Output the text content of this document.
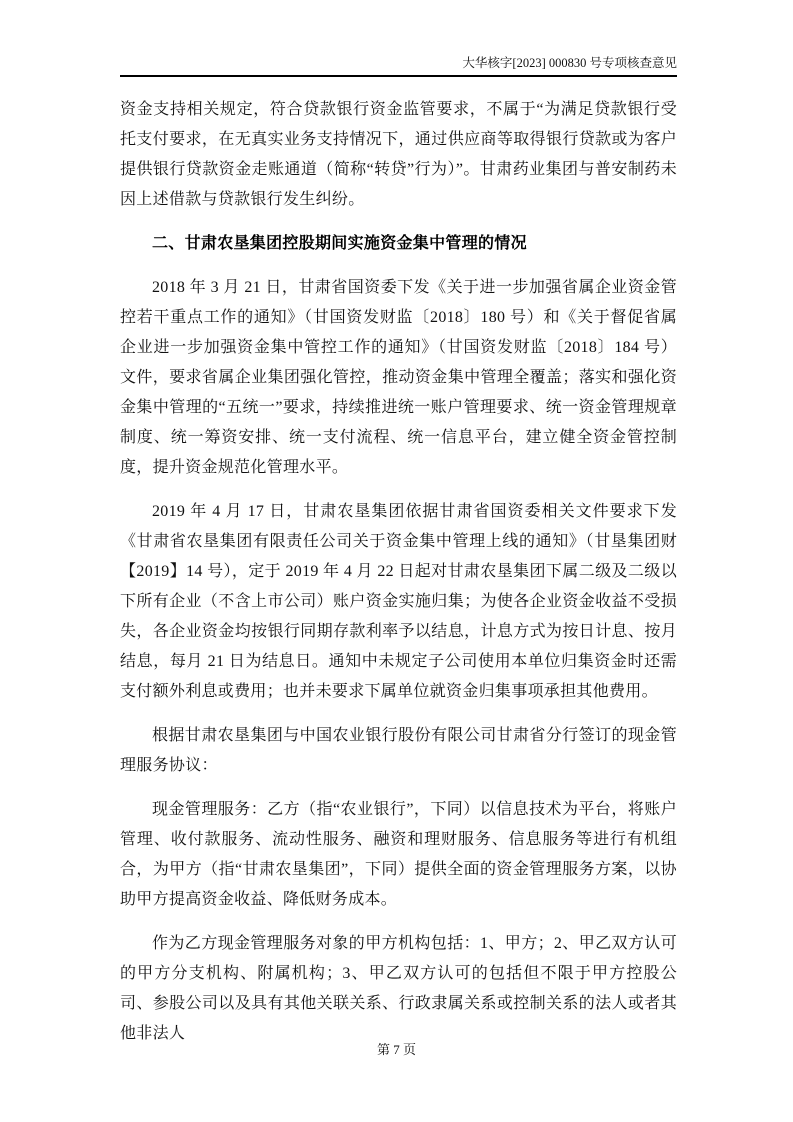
大华核字[2023] 000830 号专项核查意见

资金支持相关规定，符合贷款银行资金监管要求，不属于“为满足贷款银行受托支付要求，在无真实业务支持情况下，通过供应商等取得银行贷款或为客户提供银行贷款资金走账通道（简称“转贷”行为）”。甘肃药业集团与普安制药未因上述借款与贷款银行发生纠纷。

二、甘肃农垦集团控股期间实施资金集中管理的情况

2018 年 3 月 21 日，甘肃省国资委下发《关于进一步加强省属企业资金管控若干重点工作的通知》（甘国资发财监〔2018〕180 号）和《关于督促省属企业进一步加强资金集中管控工作的通知》（甘国资发财监〔2018〕184 号）文件，要求省属企业集团强化管控，推动资金集中管理全覆盖；落实和强化资金集中管理的“五统一”要求，持续推进统一账户管理要求、统一资金管理规章制度、统一筹资安排、统一支付流程、统一信息平台，建立健全资金管控制度，提升资金规范化管理水平。

2019 年 4 月 17 日，甘肃农垦集团依据甘肃省国资委相关文件要求下发《甘肃省农垦集团有限责任公司关于资金集中管理上线的通知》（甘垦集团财【2019】14 号），定于 2019 年 4 月 22 日起对甘肃农垦集团下属二级及二级以下所有企业（不含上市公司）账户资金实施归集；为使各企业资金收益不受损失，各企业资金均按银行同期存款利率予以结息，计息方式为按日计息、按月结息，每月 21 日为结息日。通知中未规定子公司使用本单位归集资金时还需支付额外利息或费用；也并未要求下属单位就资金归集事项承担其他费用。

根据甘肃农垦集团与中国农业银行股份有限公司甘肃省分行签订的现金管理服务协议：

现金管理服务：乙方（指“农业银行”，下同）以信息技术为平台，将账户管理、收付款服务、流动性服务、融资和理财服务、信息服务等进行有机组合，为甲方（指“甘肃农垦集团”，下同）提供全面的资金管理服务方案，以协助甲方提高资金收益、降低财务成本。

作为乙方现金管理服务对象的甲方机构包括：1、甲方；2、甲乙双方认可的甲方分支机构、附属机构；3、甲乙双方认可的包括但不限于甲方控股公司、参股公司以及具有其他关联关系、行政隶属关系或控制关系的法人或者其他非法人

第 7 页
